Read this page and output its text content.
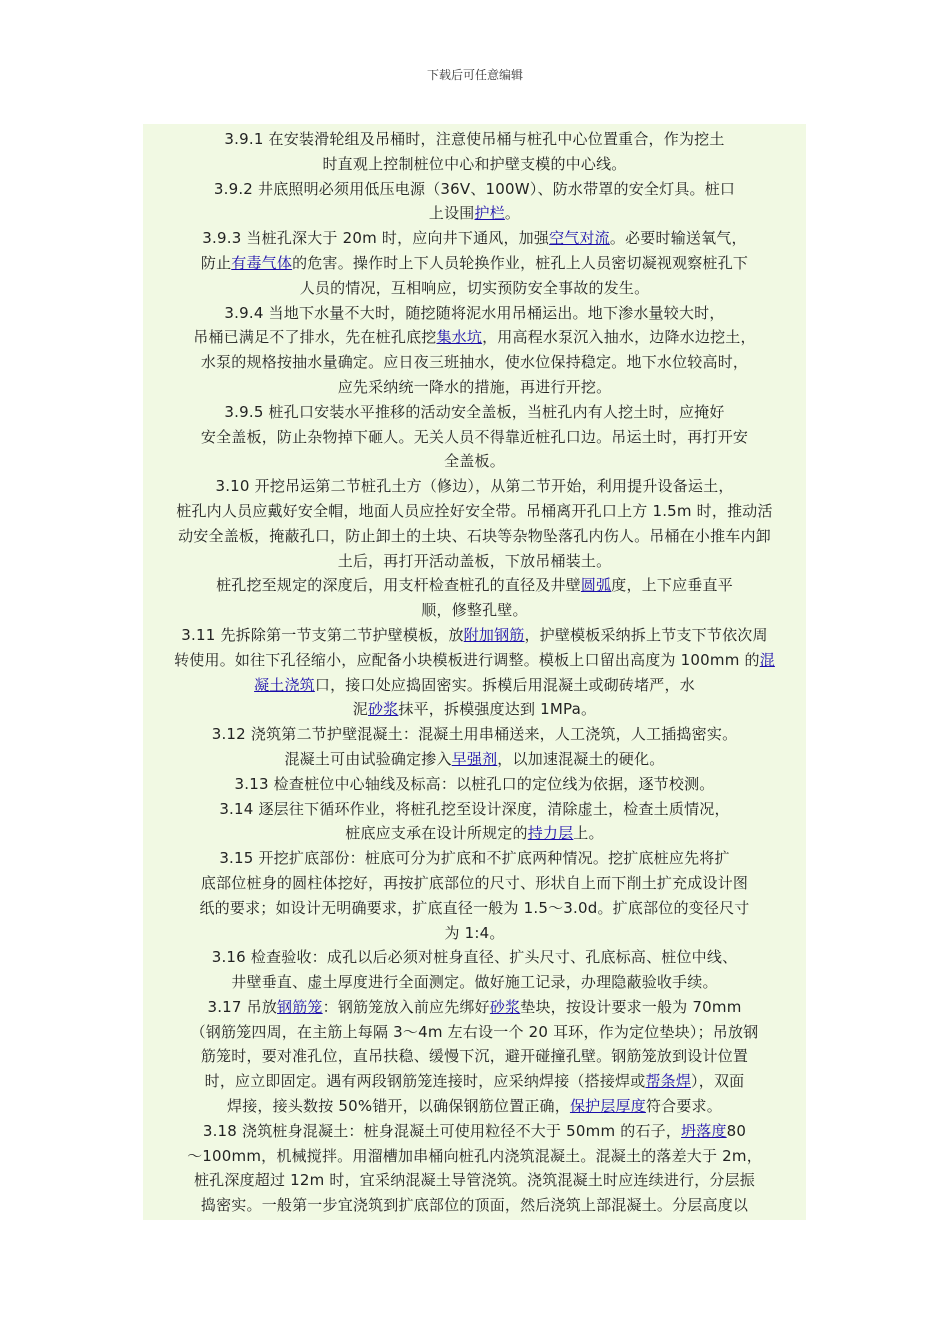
下载后可任意编辑

3.9.1 在安装滑轮组及吊桶时，注意使吊桶与桩孔中心位置重合，作为挖土

时直观上控制桩位中心和护壁支模的中心线。

3.9.2 井底照明必须用低压电源（36V、100W）、防水带罩的安全灯具。桩口

上设围护栏。

3.9.3 当桩孔深大于 20m 时，应向井下通风，加强空气对流。必要时输送氧气，

防止有毒气体的危害。操作时上下人员轮换作业，桩孔上人员密切凝视观察桩孔下

人员的情况，互相响应，切实预防安全事故的发生。

3.9.4 当地下水量不大时，随挖随将泥水用吊桶运出。地下渗水量较大时，

吊桶已满足不了排水，先在桩孔底挖集水坑，用高程水泵沉入抽水，边降水边挖土，

水泵的规格按抽水量确定。应日夜三班抽水，使水位保持稳定。地下水位较高时，

应先采纳统一降水的措施，再进行开挖。

3.9.5 桩孔口安装水平推移的活动安全盖板，当桩孔内有人挖土时，应掩好

安全盖板，防止杂物掉下砸人。无关人员不得靠近桩孔口边。吊运土时，再打开安

全盖板。

3.10 开挖吊运第二节桩孔土方（修边），从第二节开始，利用提升设备运土，

桩孔内人员应戴好安全帽，地面人员应拴好安全带。吊桶离开孔口上方 1.5m 时，推动活

动安全盖板，掩蔽孔口，防止卸土的土块、石块等杂物坠落孔内伤人。吊桶在小推车内卸

土后，再打开活动盖板，下放吊桶装土。

桩孔挖至规定的深度后，用支杆检查桩孔的直径及井壁圆弧度，上下应垂直平

顺，修整孔壁。

3.11 先拆除第一节支第二节护壁模板，放附加钢筋，护壁模板采纳拆上节支下节依次周

转使用。如往下孔径缩小，应配备小块模板进行调整。模板上口留出高度为 100mm 的混

凝土浇筑口，接口处应捣固密实。拆模后用混凝土或砌砖堵严，水

泥砂浆抹平，拆模强度达到 1MPa。

3.12 浇筑第二节护壁混凝土：混凝土用串桶送来，人工浇筑，人工插捣密实。

混凝土可由试验确定掺入早强剂，以加速混凝土的硬化。

3.13 检查桩位中心轴线及标高：以桩孔口的定位线为依据，逐节校测。

3.14 逐层往下循环作业，将桩孔挖至设计深度，清除虚土，检查土质情况，

桩底应支承在设计所规定的持力层上。

3.15 开挖扩底部份：桩底可分为扩底和不扩底两种情况。挖扩底桩应先将扩

底部位桩身的圆柱体挖好，再按扩底部位的尺寸、形状自上而下削土扩充成设计图

纸的要求；如设计无明确要求，扩底直径一般为 1.5～3.0d。扩底部位的变径尺寸

为 1:4。

3.16 检查验收：成孔以后必须对桩身直径、扩头尺寸、孔底标高、桩位中线、

井壁垂直、虚土厚度进行全面测定。做好施工记录，办理隐蔽验收手续。

3.17 吊放钢筋笼：钢筋笼放入前应先绑好砂浆垫块，按设计要求一般为 70mm

（钢筋笼四周，在主筋上每隔 3～4m 左右设一个 20 耳环，作为定位垫块）；吊放钢

筋笼时，要对准孔位，直吊扶稳、缓慢下沉，避开碰撞孔壁。钢筋笼放到设计位置

时，应立即固定。遇有两段钢筋笼连接时，应采纳焊接（搭接焊或帮条焊），双面

焊接，接头数按 50%错开，以确保钢筋位置正确，保护层厚度符合要求。

3.18 浇筑桩身混凝土：桩身混凝土可使用粒径不大于 50mm 的石子，坍落度80

～100mm，机械搅拌。用溜槽加串桶向桩孔内浇筑混凝土。混凝土的落差大于 2m，

桩孔深度超过 12m 时，宜采纳混凝土导管浇筑。浇筑混凝土时应连续进行，分层振

捣密实。一般第一步宜浇筑到扩底部位的顶面，然后浇筑上部混凝土。分层高度以
